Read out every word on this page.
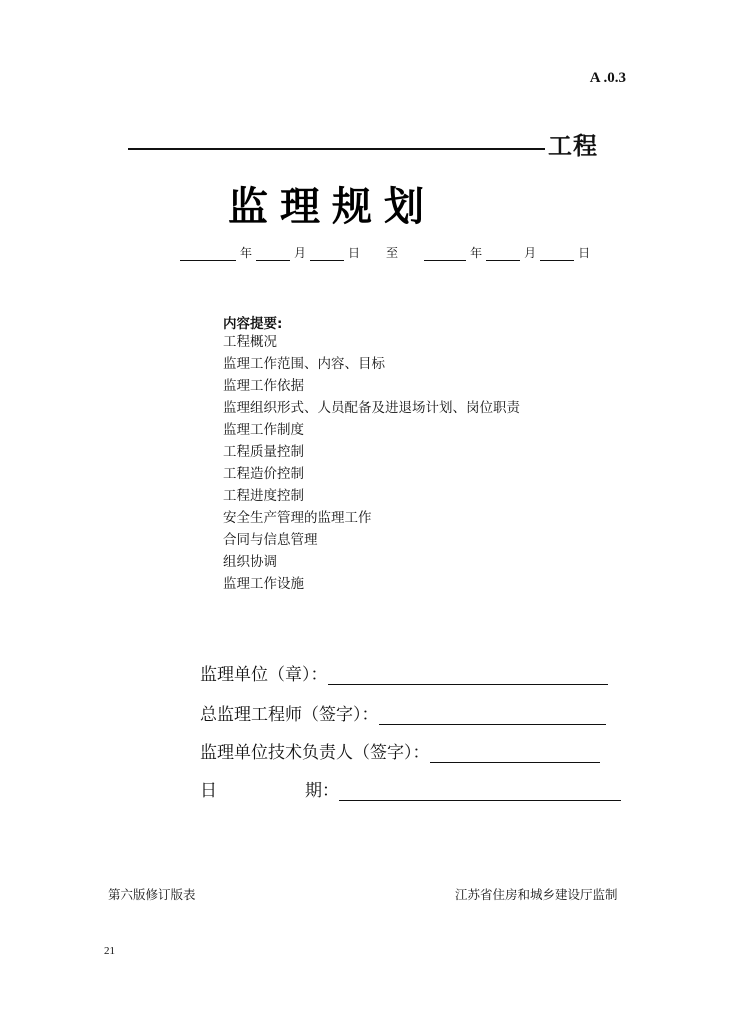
A .0.3
工程
监理规划
年	月	日 至	年	月	日
内容提要:
工程概况
监理工作范围、内容、目标
监理工作依据
监理组织形式、人员配备及进退场计划、岗位职责
监理工作制度
工程质量控制
工程造价控制
工程进度控制
安全生产管理的监理工作
合同与信息管理
组织协调
监理工作设施
监理单位（章）：
总监理工程师（签字）：
监理单位技术负责人（签字）：
日	期：
第六版修订版表	江苏省住房和城乡建设厅监制
21
